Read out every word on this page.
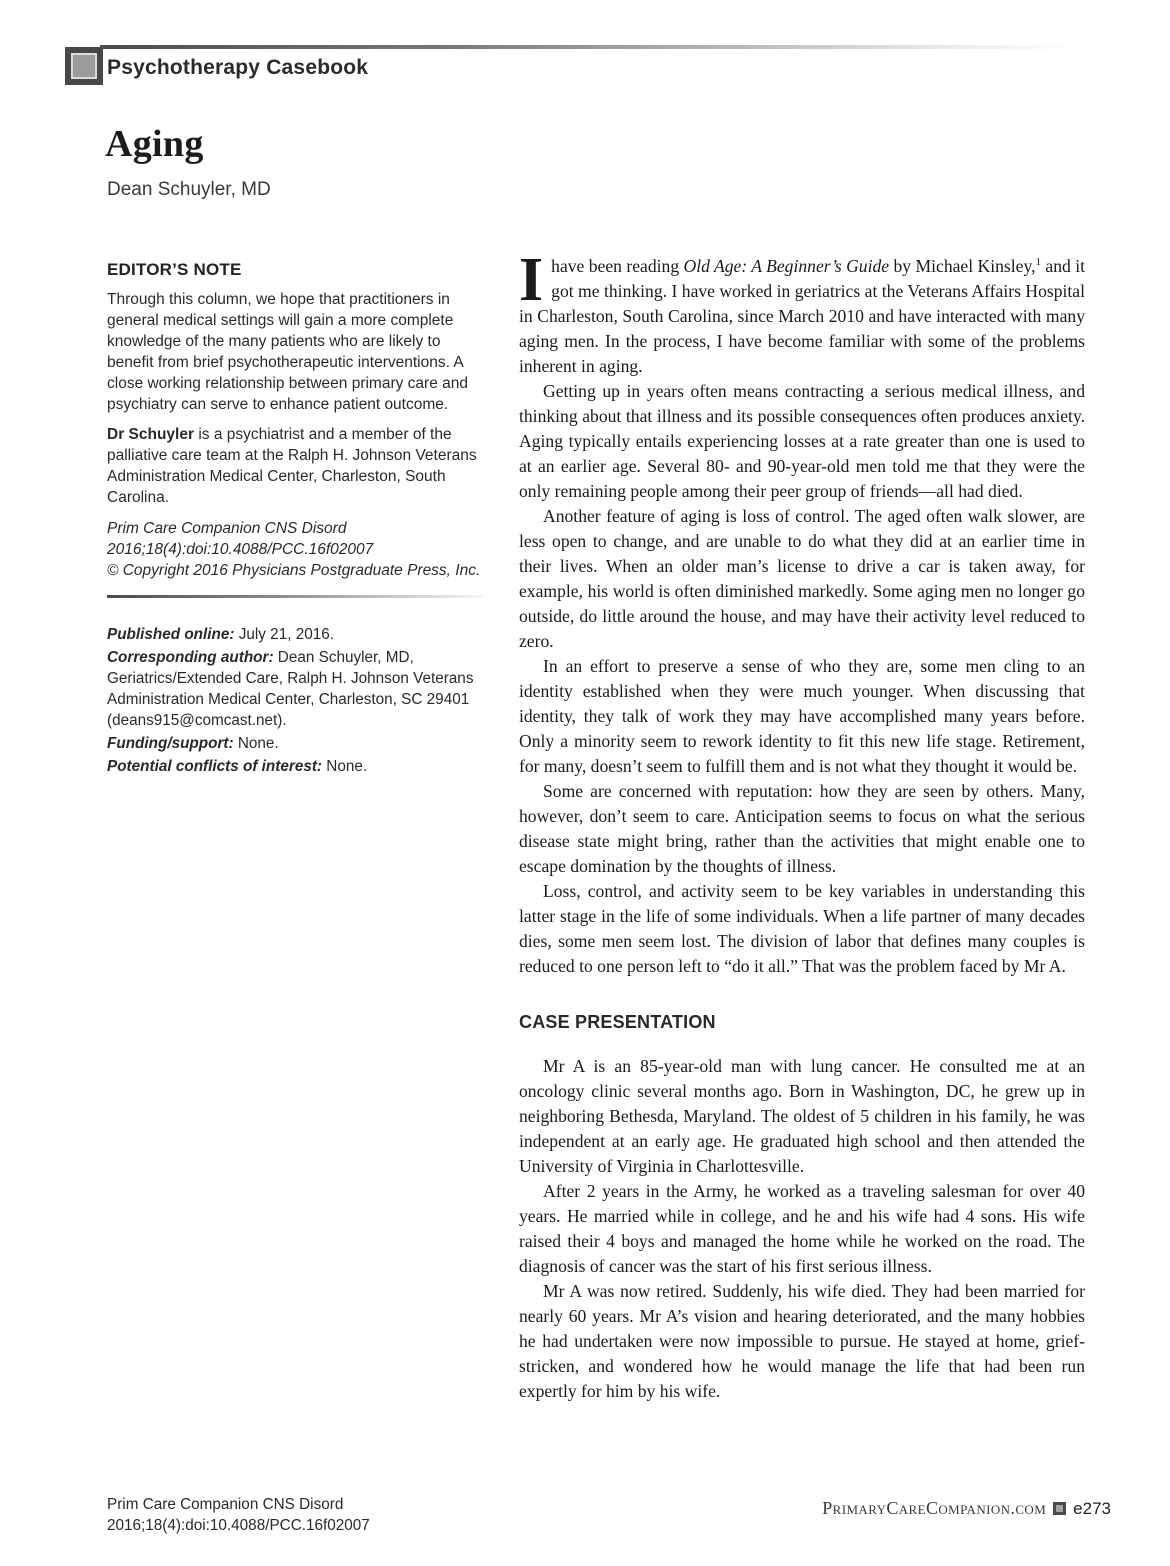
Psychotherapy Casebook
Aging
Dean Schuyler, MD
EDITOR’S NOTE

Through this column, we hope that practitioners in general medical settings will gain a more complete knowledge of the many patients who are likely to benefit from brief psychotherapeutic interventions. A close working relationship between primary care and psychiatry can serve to enhance patient outcome.

Dr Schuyler is a psychiatrist and a member of the palliative care team at the Ralph H. Johnson Veterans Administration Medical Center, Charleston, South Carolina.

Prim Care Companion CNS Disord
2016;18(4):doi:10.4088/PCC.16f02007
© Copyright 2016 Physicians Postgraduate Press, Inc.

Published online: July 21, 2016.

Corresponding author: Dean Schuyler, MD, Geriatrics/Extended Care, Ralph H. Johnson Veterans Administration Medical Center, Charleston, SC 29401 (deans915@comcast.net).

Funding/support: None.

Potential conflicts of interest: None.

Ihave been reading Old Age: A Beginner’s Guide by Michael Kinsley,$^1$ and it got me thinking. I have worked in geriatrics at the Veterans Affairs Hospital in Charleston, South Carolina, since March 2010 and have interacted with many aging men. In the process, I have become familiar with some of the problems inherent in aging.

Getting up in years often means contracting a serious medical illness, and thinking about that illness and its possible consequences often produces anxiety. Aging typically entails experiencing losses at a rate greater than one is used to at an earlier age. Several 80- and 90-year-old men told me that they were the only remaining people among their peer group of friends—all had died.

Another feature of aging is loss of control. The aged often walk slower, are less open to change, and are unable to do what they did at an earlier time in their lives. When an older man’s license to drive a car is taken away, for example, his world is often diminished markedly. Some aging men no longer go outside, do little around the house, and may have their activity level reduced to zero.

In an effort to preserve a sense of who they are, some men cling to an identity established when they were much younger. When discussing that identity, they talk of work they may have accomplished many years before. Only a minority seem to rework identity to fit this new life stage. Retirement, for many, doesn’t seem to fulfill them and is not what they thought it would be.

Some are concerned with reputation: how they are seen by others. Many, however, don’t seem to care. Anticipation seems to focus on what the serious disease state might bring, rather than the activities that might enable one to escape domination by the thoughts of illness.

Loss, control, and activity seem to be key variables in understanding this latter stage in the life of some individuals. When a life partner of many decades dies, some men seem lost. The division of labor that defines many couples is reduced to one person left to “do it all.” That was the problem faced by Mr A.

CASE PRESENTATION

Mr A is an 85-year-old man with lung cancer. He consulted me at an oncology clinic several months ago. Born in Washington, DC, he grew up in neighboring Bethesda, Maryland. The oldest of 5 children in his family, he was independent at an early age. He graduated high school and then attended the University of Virginia in Charlottesville.

After 2 years in the Army, he worked as a traveling salesman for over 40 years. He married while in college, and he and his wife had 4 sons. His wife raised their 4 boys and managed the home while he worked on the road. The diagnosis of cancer was the start of his first serious illness.

Mr A was now retired. Suddenly, his wife died. They had been married for nearly 60 years. Mr A’s vision and hearing deteriorated, and the many hobbies he had undertaken were now impossible to pursue. He stayed at home, grief-stricken, and wondered how he would manage the life that had been run expertly for him by his wife.

Prim Care Companion CNS Disord
2016;18(4):doi:10.4088/PCC.16f02007
PrimaryCareCompanion.com e273
